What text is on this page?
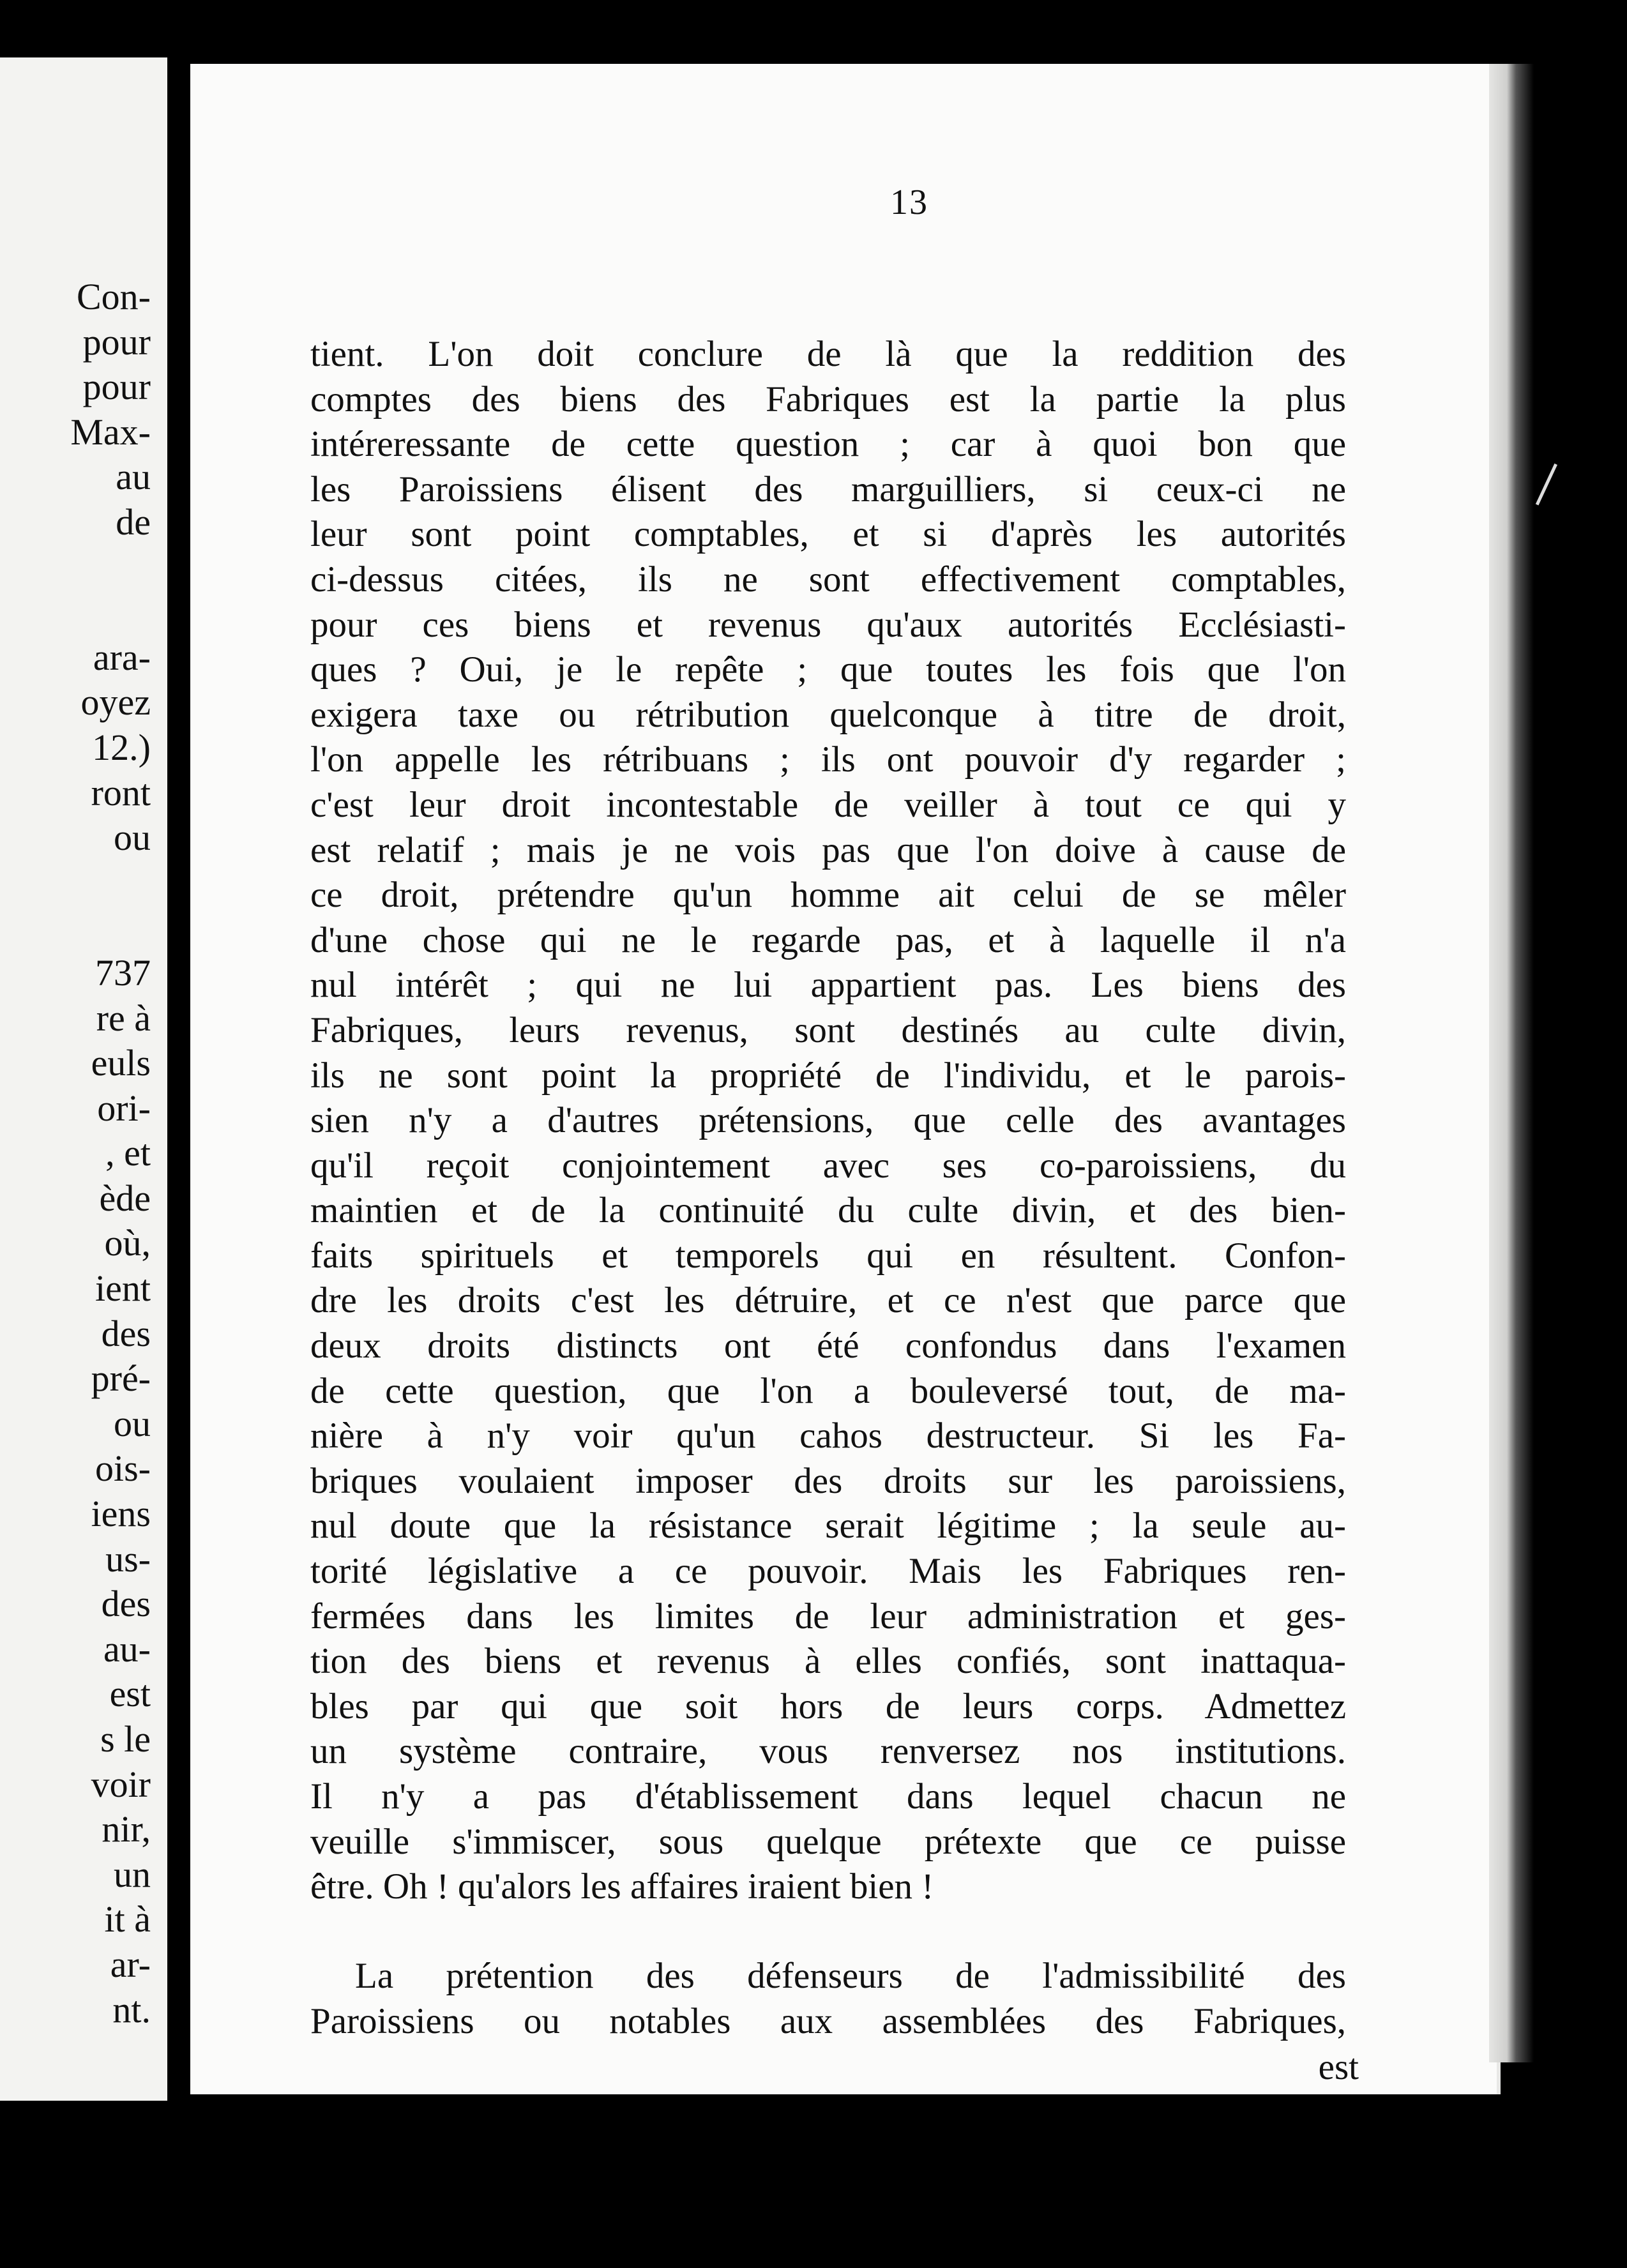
Con-
pour
pour
Max-
au
de
ara-
oyez
12.)
ront
ou
737
re à
euls
ori-
, et
ède
où,
ient
des
pré-
ou
ois-
iens
us-
des
au-
est
s le
voir
nir,
un
it à
ar-
nt.
13
tient. L'on doit conclure de là que la reddition des
comptes des biens des Fabriques est la partie la plus
intéreressante de cette question ; car à quoi bon que
les Paroissiens élisent des marguilliers, si ceux-ci ne
leur sont point comptables, et si d'après les autorités
ci-dessus citées, ils ne sont effectivement comptables,
pour ces biens et revenus qu'aux autorités Ecclésiasti-
ques ? Oui, je le repête ; que toutes les fois que l'on
exigera taxe ou rétribution quelconque à titre de droit,
l'on appelle les rétribuans ; ils ont pouvoir d'y regarder ;
c'est leur droit incontestable de veiller à tout ce qui y
est relatif ; mais je ne vois pas que l'on doive à cause de
ce droit, prétendre qu'un homme ait celui de se mêler
d'une chose qui ne le regarde pas, et à laquelle il n'a
nul intérêt ; qui ne lui appartient pas. Les biens des
Fabriques, leurs revenus, sont destinés au culte divin,
ils ne sont point la propriété de l'individu, et le parois-
sien n'y a d'autres prétensions, que celle des avantages
qu'il reçoit conjointement avec ses co-paroissiens, du
maintien et de la continuité du culte divin, et des bien-
faits spirituels et temporels qui en résultent. Confon-
dre les droits c'est les détruire, et ce n'est que parce que
deux droits distincts ont été confondus dans l'examen
de cette question, que l'on a bouleversé tout, de ma-
nière à n'y voir qu'un cahos destructeur. Si les Fa-
briques voulaient imposer des droits sur les paroissiens,
nul doute que la résistance serait légitime ; la seule au-
torité législative a ce pouvoir. Mais les Fabriques ren-
fermées dans les limites de leur administration et ges-
tion des biens et revenus à elles confiés, sont inattaqua-
bles par qui que soit hors de leurs corps. Admettez
un système contraire, vous renversez nos institutions.
Il n'y a pas d'établissement dans lequel chacun ne
veuille s'immiscer, sous quelque prétexte que ce puisse
être. Oh ! qu'alors les affaires iraient bien !
La prétention des défenseurs de l'admissibilité des
Paroissiens ou notables aux assemblées des Fabriques,
est
